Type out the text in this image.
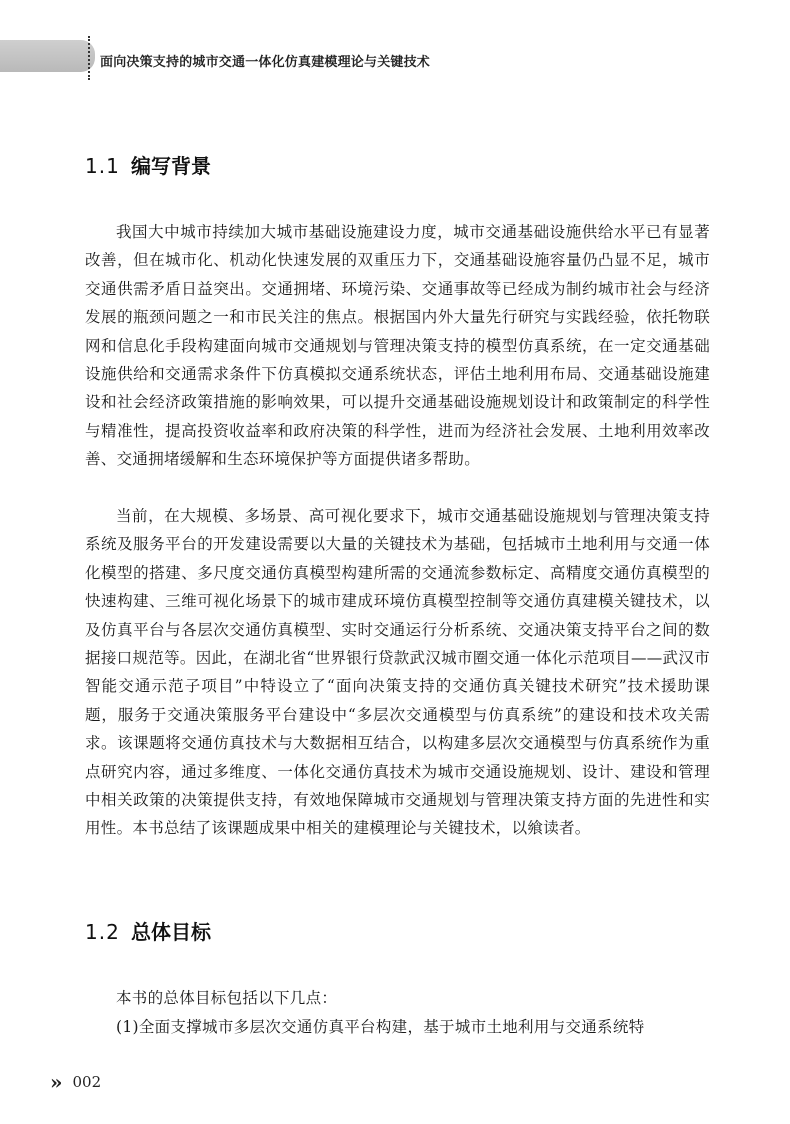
面向决策支持的城市交通一体化仿真建模理论与关键技术
1.1 编写背景

我国大中城市持续加大城市基础设施建设力度，城市交通基础设施供给水平已有显著改善，但在城市化、机动化快速发展的双重压力下，交通基础设施容量仍凸显不足，城市交通供需矛盾日益突出。交通拥堵、环境污染、交通事故等已经成为制约城市社会与经济发展的瓶颈问题之一和市民关注的焦点。根据国内外大量先行研究与实践经验，依托物联网和信息化手段构建面向城市交通规划与管理决策支持的模型仿真系统，在一定交通基础设施供给和交通需求条件下仿真模拟交通系统状态，评估土地利用布局、交通基础设施建设和社会经济政策措施的影响效果，可以提升交通基础设施规划设计和政策制定的科学性与精准性，提高投资收益率和政府决策的科学性，进而为经济社会发展、土地利用效率改善、交通拥堵缓解和生态环境保护等方面提供诸多帮助。

当前，在大规模、多场景、高可视化要求下，城市交通基础设施规划与管理决策支持系统及服务平台的开发建设需要以大量的关键技术为基础，包括城市土地利用与交通一体化模型的搭建、多尺度交通仿真模型构建所需的交通流参数标定、高精度交通仿真模型的快速构建、三维可视化场景下的城市建成环境仿真模型控制等交通仿真建模关键技术，以及仿真平台与各层次交通仿真模型、实时交通运行分析系统、交通决策支持平台之间的数据接口规范等。因此，在湖北省“世界银行贷款武汉城市圈交通一体化示范项目——武汉市智能交通示范子项目”中特设立了“面向决策支持的交通仿真关键技术研究”技术援助课题，服务于交通决策服务平台建设中“多层次交通模型与仿真系统”的建设和技术攻关需求。该课题将交通仿真技术与大数据相互结合，以构建多层次交通模型与仿真系统作为重点研究内容，通过多维度、一体化交通仿真技术为城市交通设施规划、设计、建设和管理中相关政策的决策提供支持，有效地保障城市交通规划与管理决策支持方面的先进性和实用性。本书总结了该课题成果中相关的建模理论与关键技术，以飨读者。

1.2 总体目标

本书的总体目标包括以下几点：

(1)全面支撑城市多层次交通仿真平台构建，基于城市土地利用与交通系统特

» 002
